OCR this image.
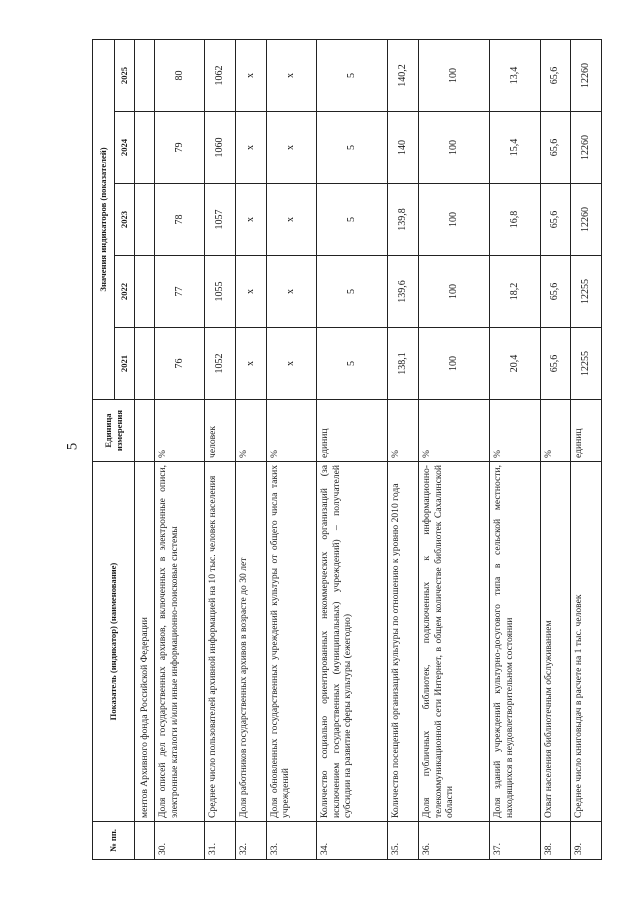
5
№ пп.	Показатель (индикатор) (наименование)	Единица измерения	Значения индикаторов (показателей)				
			2021	2022	2023	2024	2025
	ментов Архивного фонда Российской Федерации						
30.	Доля описей дел государственных архивов, включенных в электронные описи, электронные каталоги и/или иные информационно-поисковые системы	%	76	77	78	79	80
31.	Среднее число пользователей архивной информацией на 10 тыс. человек населения	человек	1052	1055	1057	1060	1062
32.	Доля работников государственных архивов в возрасте до 30 лет	%	x	x	x	x	x
33.	Доля обновленных государственных учреждений культуры от общего числа таких учреждений	%	x	x	x	x	x
34.	Количество социально ориентированных некоммерческих организаций (за исключением государственных (муниципальных) учреждений) – получателей субсидии на развитие сферы культуры (ежегодно)	единиц	5	5	5	5	5
35.	Количество посещений организаций культуры по отношению к уровню 2010 года	%	138,1	139,6	139,8	140	140,2
36.	Доля публичных библиотек, подключенных к информационно-телекоммуникационной сети Интернет, в общем количестве библиотек Сахалинской области	%	100	100	100	100	100
37.	Доля зданий учреждений культурно-досугового типа в сельской местности, находящихся в неудовлетворительном состоянии	%	20,4	18,2	16,8	15,4	13,4
38.	Охват населения библиотечным обслуживанием	%	65,6	65,6	65,6	65,6	65,6
39.	Среднее число книговыдач в расчете на 1 тыс. человек	единиц	12255	12255	12260	12260	12260
